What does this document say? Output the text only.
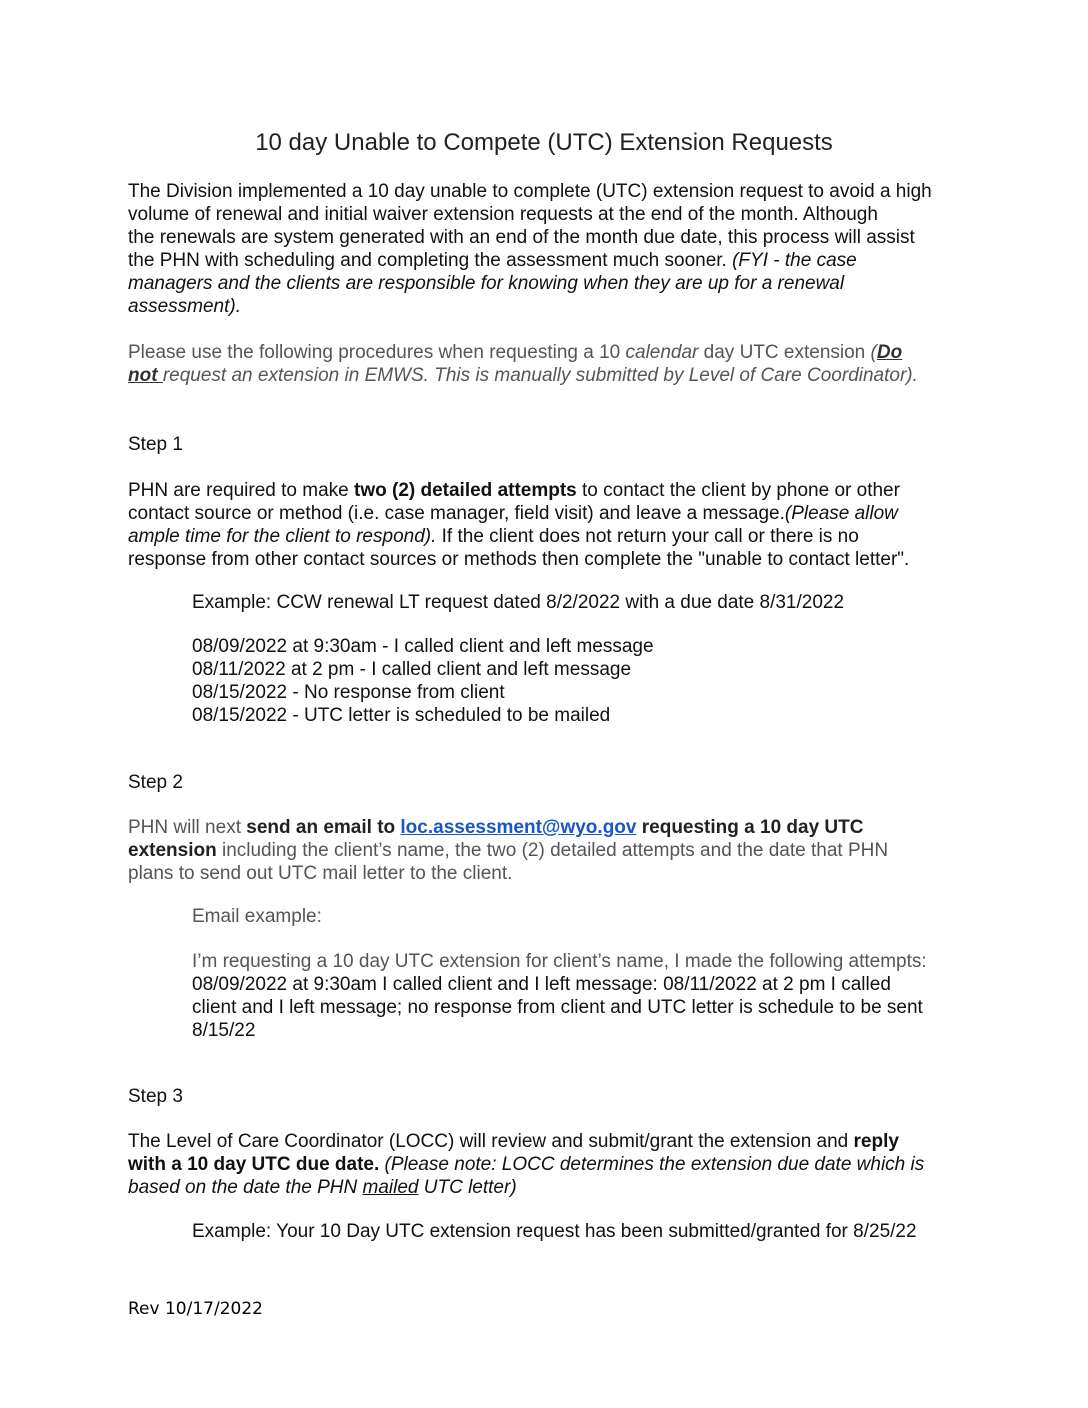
10 day Unable to Compete (UTC) Extension Requests
The Division implemented a 10 day unable to complete (UTC) extension request to avoid a high
volume of renewal and initial waiver extension requests at the end of the month. Although
the renewals are system generated with an end of the month due date, this process will assist
the PHN with scheduling and completing the assessment much sooner. (FYI - the case
managers and the clients are responsible for knowing when they are up for a renewal
assessment).
Please use the following procedures when requesting a 10 calendar day UTC extension (Do
not request an extension in EMWS. This is manually submitted by Level of Care Coordinator).
Step 1
PHN are required to make two (2) detailed attempts to contact the client by phone or other
contact source or method (i.e. case manager, field visit) and leave a message.(Please allow
ample time for the client to respond). If the client does not return your call or there is no
response from other contact sources or methods then complete the "unable to contact letter".
Example: CCW renewal LT request dated 8/2/2022 with a due date 8/31/2022
08/09/2022 at 9:30am - I called client and left message
08/11/2022 at 2 pm - I called client and left message
08/15/2022 - No response from client
08/15/2022 - UTC letter is scheduled to be mailed
Step 2
PHN will next send an email to loc.assessment@wyo.gov requesting a 10 day UTC
extension including the client’s name, the two (2) detailed attempts and the date that PHN
plans to send out UTC mail letter to the client.
Email example:
I’m requesting a 10 day UTC extension for client’s name, I made the following attempts:
08/09/2022 at 9:30am I called client and I left message: 08/11/2022 at 2 pm I called
client and I left message; no response from client and UTC letter is schedule to be sent
8/15/22
Step 3
The Level of Care Coordinator (LOCC) will review and submit/grant the extension and reply
with a 10 day UTC due date. (Please note: LOCC determines the extension due date which is
based on the date the PHN mailed UTC letter)
Example: Your 10 Day UTC extension request has been submitted/granted for 8/25/22
Rev 10/17/2022
